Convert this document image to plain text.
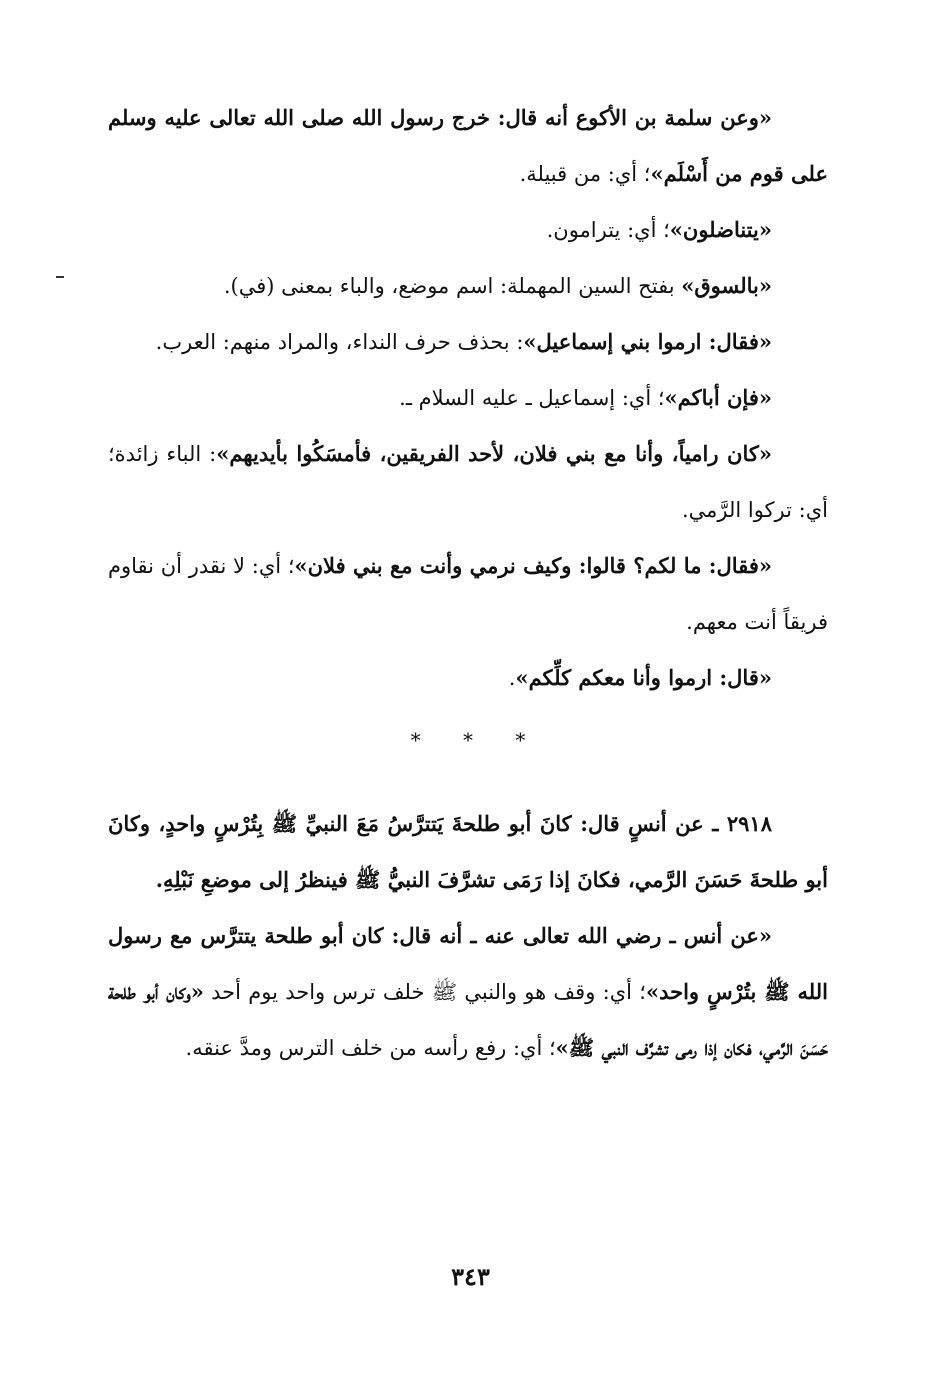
«وعن سلمة بن الأكوع أنه قال: خرج رسول الله صلى الله تعالى عليه وسلم على قوم من أَسْلَم»؛ أي: من قبيلة.

«يتناضلون»؛ أي: يترامون.

«بالسوق» بفتح السين المهملة: اسم موضع، والباء بمعنى (في).

«فقال: ارموا بني إسماعيل»: بحذف حرف النداء، والمراد منهم: العرب.

«فإن أباكم»؛ أي: إسماعيل ـ عليه السلام ـ.

«كان رامياً، وأنا مع بني فلان، لأحد الفريقين، فأمسَكُوا بأيديهم»: الباء زائدة؛ أي: تركوا الرَّمي.

«فقال: ما لكم؟ قالوا: وكيف نرمي وأنت مع بني فلان»؛ أي: لا نقدر أن نقاوم فريقاً أنت معهم.

«قال: ارموا وأنا معكم كلِّكم».

* * *

٢٩١٨ ـ عن أنسٍ قال: كانَ أبو طلحةَ يَتترَّسُ مَعَ النبيِّ ﷺ بِتُرْسٍ واحدٍ، وكانَ أبو طلحةَ حَسَنَ الرَّمي، فكانَ إذا رَمَى تشرَّفَ النبيُّ ﷺ فينظرُ إلى موضعِ نَبْلِهِ.

«عن أنس ـ رضي الله تعالى عنه ـ أنه قال: كان أبو طلحة يتترَّس مع رسول الله ﷺ بتُرْسٍ واحد»؛ أي: وقف هو والنبي ﷺ خلف ترس واحد يوم أحد «وكان أبو طلحة حَسَنَ الرَّمي، فكان إذا رمى تشرَّف النبي ﷺ»؛ أي: رفع رأسه من خلف الترس ومدَّ عنقه.

٣٤٣
